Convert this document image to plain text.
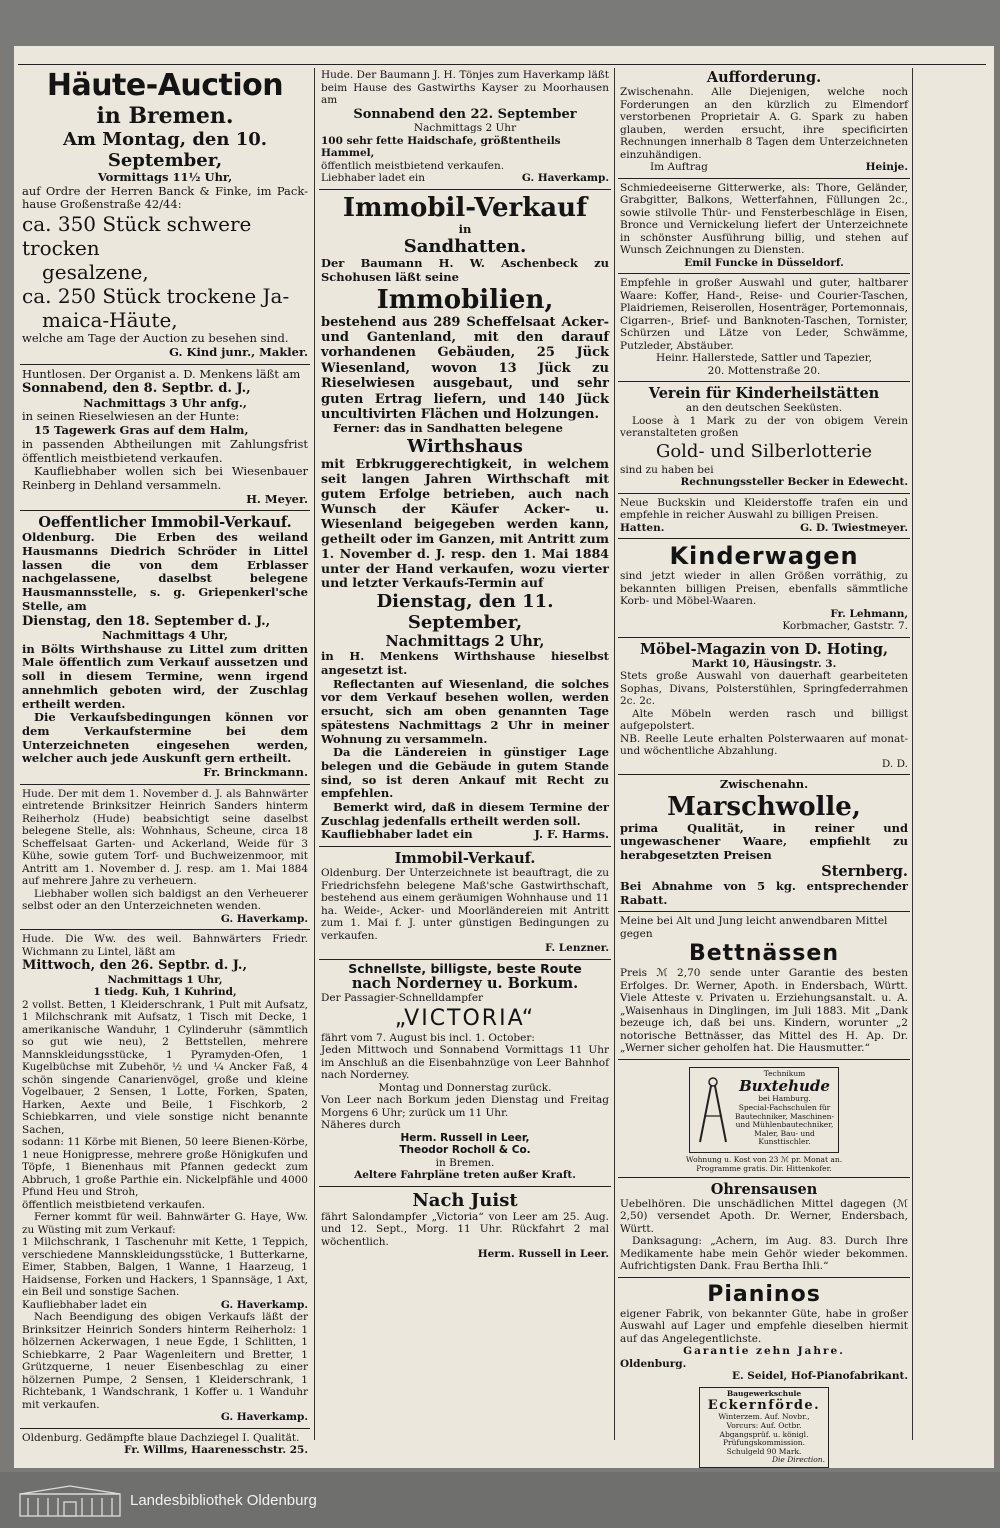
Häute-Auction
in Bremen.
Am Montag, den 10. September,
Vormittags 11½ Uhr,
auf Ordre der Herren Banck & Finke, im Pack-hause Großenstraße 42/44:
ca. 350 Stück schwere trocken
gesalzene,
ca. 250 Stück trockene Ja-
maica-Häute,
welche am Tage der Auction zu besehen sind.
G. Kind junr., Makler.
Huntlosen. Der Organist a. D. Menkens läßt am
Sonnabend, den 8. Septbr. d. J.,
Nachmittags 3 Uhr anfg.,
in seinen Rieselwiesen an der Hunte:
15 Tagewerk Gras auf dem Halm,
in passenden Abtheilungen mit Zahlungsfrist öffentlich meistbietend verkaufen.
Kaufliebhaber wollen sich bei Wiesenbauer Reinberg in Dehland versammeln.
H. Meyer.
Oeffentlicher Immobil-Verkauf.
Oldenburg. Die Erben des weiland Hausmanns Diedrich Schröder in Littel lassen die von dem Erblasser nachgelassene, daselbst belegene Hausmannsstelle, s. g. Griepenkerl'sche Stelle, am
Dienstag, den 18. September d. J.,
Nachmittags 4 Uhr,
in Bölts Wirthshause zu Littel zum dritten Male öffentlich zum Verkauf aussetzen und soll in diesem Termine, wenn irgend annehmlich geboten wird, der Zuschlag ertheilt werden.
Die Verkaufsbedingungen können vor dem Verkaufstermine bei dem Unterzeichneten eingesehen werden, welcher auch jede Auskunft gern ertheilt.
Fr. Brinckmann.
Hude. Der mit dem 1. November d. J. als Bahnwärter eintretende Brinksitzer Heinrich Sanders hinterm Reiherholz (Hude) beabsichtigt seine daselbst belegene Stelle, als: Wohnhaus, Scheune, circa 18 Scheffelsaat Garten- und Ackerland, Weide für 3 Kühe, sowie gutem Torf- und Buchweizenmoor, mit Antritt am 1. November d. J. resp. am 1. Mai 1884 auf mehrere Jahre zu verheuern.
Liebhaber wollen sich baldigst an den Verheuerer selbst oder an den Unterzeichneten wenden.
G. Haverkamp.
Hude. Die Ww. des weil. Bahnwärters Friedr. Wichmann zu Lintel, läßt am
Mittwoch, den 26. Septbr. d. J.,
Nachmittags 1 Uhr,
1 tiedg. Kuh, 1 Kuhrind,
2 vollst. Betten, 1 Kleiderschrank, 1 Pult mit Aufsatz, 1 Milchschrank mit Aufsatz, 1 Tisch mit Decke, 1 amerikanische Wanduhr, 1 Cylinderuhr (sämmtlich so gut wie neu), 2 Bettstellen, mehrere Mannskleidungsstücke, 1 Pyramyden-Ofen, 1 Kugelbüchse mit Zubehör, ½ und ¼ Ancker Faß, 4 schön singende Canarienvögel, große und kleine Vogelbauer, 2 Sensen, 1 Lotte, Forken, Spaten, Harken, Aexte und Beile, 1 Fischkorb, 2 Schiebkarren, und viele sonstige nicht benannte Sachen,
sodann: 11 Körbe mit Bienen, 50 leere Bienen-Körbe, 1 neue Honigpresse, mehrere große Hönigkufen und Töpfe, 1 Bienenhaus mit Pfannen gedeckt zum Abbruch, 1 große Parthie ein. Nickelpfähle und 4000 Pfund Heu und Stroh,
öffentlich meistbietend verkaufen.
Ferner kommt für weil. Bahnwärter G. Haye, Ww. zu Wüsting mit zum Verkauf:
1 Milchschrank, 1 Taschenuhr mit Kette, 1 Teppich, verschiedene Mannskleidungsstücke, 1 Butterkarne, Eimer, Stabben, Balgen, 1 Wanne, 1 Haarzeug, 1 Haidsense, Forken und Hackers, 1 Spannsäge, 1 Axt, ein Beil und sonstige Sachen.
Kaufliebhaber ladet ein	G. Haverkamp.
Nach Beendigung des obigen Verkaufs läßt der Brinksitzer Heinrich Sonders hinterm Reiherholz: 1 hölzernen Ackerwagen, 1 neue Egde, 1 Schlitten, 1 Schiebkarre, 2 Paar Wagenleitern und Bretter, 1 Grützquerne, 1 neuer Eisenbeschlag zu einer hölzernen Pumpe, 2 Sensen, 1 Kleiderschrank, 1 Richtebank, 1 Wandschrank, 1 Koffer u. 1 Wanduhr mit verkaufen.
G. Haverkamp.
Oldenburg. Gedämpfte blaue Dachziegel I. Qualität.
Fr. Willms, Haarenesschstr. 25.
Hude. Der Baumann J. H. Tönjes zum Haverkamp läßt beim Hause des Gastwirths Kayser zu Moorhausen am
Sonnabend den 22. September
Nachmittags 2 Uhr
100 sehr fette Haidschafe, größtentheils Hammel,
öffentlich meistbietend verkaufen.
Liebhaber ladet ein	G. Haverkamp.
Immobil-Verkauf
in
Sandhatten.
Der Baumann H. W. Aschenbeck zu Schohusen läßt seine
Immobilien,
bestehend aus 289 Scheffelsaat Acker- und Gantenland, mit den darauf vorhandenen Gebäuden, 25 Jück Wiesenland, wovon 13 Jück zu Rieselwiesen ausgebaut, und sehr guten Ertrag liefern, und 140 Jück uncultivirten Flächen und Holzungen.
Ferner: das in Sandhatten belegene
Wirthshaus
mit Erbkruggerechtigkeit, in welchem seit langen Jahren Wirthschaft mit gutem Erfolge betrieben, auch nach Wunsch der Käufer Acker- u. Wiesenland beigegeben werden kann, getheilt oder im Ganzen, mit Antritt zum 1. November d. J. resp. den 1. Mai 1884 unter der Hand verkaufen, wozu vierter und letzter Verkaufs-Termin auf
Dienstag, den 11. September,
Nachmittags 2 Uhr,
in H. Menkens Wirthshause hieselbst angesetzt ist.
Reflectanten auf Wiesenland, die solches vor dem Verkauf besehen wollen, werden ersucht, sich am oben genannten Tage spätestens Nachmittags 2 Uhr in meiner Wohnung zu versammeln.
Da die Ländereien in günstiger Lage belegen und die Gebäude in gutem Stande sind, so ist deren Ankauf mit Recht zu empfehlen.
Bemerkt wird, daß in diesem Termine der Zuschlag jedenfalls ertheilt werden soll.
Kaufliebhaber ladet ein	J. F. Harms.
Immobil-Verkauf.
Oldenburg. Der Unterzeichnete ist beauftragt, die zu Friedrichsfehn belegene Maß'sche Gastwirthschaft, bestehend aus einem geräumigen Wohnhause und 11 ha. Weide-, Acker- und Moorländereien mit Antritt zum 1. Mai f. J. unter günstigen Bedingungen zu verkaufen.
F. Lenzner.
Schnellste, billigste, beste Route
nach Norderney u. Borkum.
Der Passagier-Schnelldampfer
„VICTORIA“
fährt vom 7. August bis incl. 1. October:
Jeden Mittwoch und Sonnabend Vormittags 11 Uhr im Anschluß an die Eisenbahnzüge von Leer Bahnhof nach Norderney.
Montag und Donnerstag zurück.
Von Leer nach Borkum jeden Dienstag und Freitag Morgens 6 Uhr; zurück um 11 Uhr.
Näheres durch
Herm. Russell in Leer,
Theodor Rocholl & Co.
in Bremen.
Aeltere Fahrpläne treten außer Kraft.
Nach Juist
fährt Salondampfer „Victoria“ von Leer am 25. Aug. und 12. Sept., Morg. 11 Uhr. Rückfahrt 2 mal wöchentlich.
Herm. Russell in Leer.
Aufforderung.
Zwischenahn. Alle Diejenigen, welche noch Forderungen an den kürzlich zu Elmendorf verstorbenen Proprietair A. G. Spark zu haben glauben, werden ersucht, ihre specificirten Rechnungen innerhalb 8 Tagen dem Unterzeichneten einzuhändigen.
Im Auftrag	Heinje.
Schmiedeeiserne Gitterwerke, als: Thore, Geländer, Grabgitter, Balkons, Wetterfahnen, Füllungen 2c., sowie stilvolle Thür- und Fensterbeschläge in Eisen, Bronce und Vernickelung liefert der Unterzeichnete in schönster Ausführung billig, und stehen auf Wunsch Zeichnungen zu Diensten.
Emil Funcke in Düsseldorf.
Empfehle in großer Auswahl und guter, haltbarer Waare: Koffer, Hand-, Reise- und Courier-Taschen, Plaidriemen, Reiserollen, Hosenträger, Portemonnais, Cigarren-, Brief- und Banknoten-Taschen, Tornister, Schürzen und Lätze von Leder, Schwämme, Putzleder, Abstäuber.
Heinr. Hallerstede, Sattler und Tapezier,
20. Mottenstraße 20.
Verein für Kinderheilstätten
an den deutschen Seeküsten.
Loose à 1 Mark zu der von obigem Verein veranstalteten großen
Gold- und Silberlotterie
sind zu haben bei
Rechnungssteller Becker in Edewecht.
Neue Buckskin und Kleiderstoffe trafen ein und empfehle in reicher Auswahl zu billigen Preisen.
Hatten.	G. D. Twiestmeyer.
Kinderwagen
sind jetzt wieder in allen Größen vorräthig, zu bekannten billigen Preisen, ebenfalls sämmtliche Korb- und Möbel-Waaren.
Fr. Lehmann,
Korbmacher, Gaststr. 7.
Möbel-Magazin von D. Hoting,
Markt 10, Häusingstr. 3.
Stets große Auswahl von dauerhaft gearbeiteten Sophas, Divans, Polsterstühlen, Springfederrahmen 2c. 2c.
Alte Möbeln werden rasch und billigst aufgepolstert.
NB. Reelle Leute erhalten Polsterwaaren auf monat- und wöchentliche Abzahlung.
D. D.
Zwischenahn.
Marschwolle,
prima Qualität, in reiner und ungewaschener Waare, empfiehlt zu herabgesetzten Preisen
Sternberg.
Bei Abnahme von 5 kg. entsprechender Rabatt.
Meine bei Alt und Jung leicht anwendbaren Mittel gegen
Bettnässen
Preis ℳ 2,70 sende unter Garantie des besten Erfolges. Dr. Werner, Apoth. in Endersbach, Württ. Viele Atteste v. Privaten u. Erziehungsanstalt. u. A. „Waisenhaus in Dinglingen, im Juli 1883. Mit „Dank bezeuge ich, daß bei uns. Kindern, worunter „2 notorische Bettnässer, das Mittel des H. Ap. Dr. „Werner sicher geholfen hat. Die Hausmutter.“
Technikum
Buxtehude
bei Hamburg.
Special-Fachschulen für Bautechniker, Maschinen- und Mühlenbautechniker, Maler, Bau- und Kunsttischler.
Wohnung u. Kost von 23 ℳ pr. Monat an.
Programme gratis. Dir. Hittenkofer.
Ohrensausen
Uebelhören. Die unschädlichen Mittel dagegen (ℳ 2,50) versendet Apoth. Dr. Werner, Endersbach, Württ.
Danksagung: „Achern, im Aug. 83. Durch Ihre Medikamente habe mein Gehör wieder bekommen. Aufrichtigsten Dank. Frau Bertha Ihli.“
Pianinos
eigener Fabrik, von bekannter Güte, habe in großer Auswahl auf Lager und empfehle dieselben hiermit auf das Angelegentlichste.
Garantie zehn Jahre.
Oldenburg.
E. Seidel, Hof-Pianofabrikant.
Baugewerkschule
Eckernförde.
Winterzem. Auf. Novbr., Vorcurs: Auf. Octbr. Abgangsprüf. u. königl. Prüfungskommission. Schulgeld 90 Mark.
Die Direction.
Landesbibliothek Oldenburg
